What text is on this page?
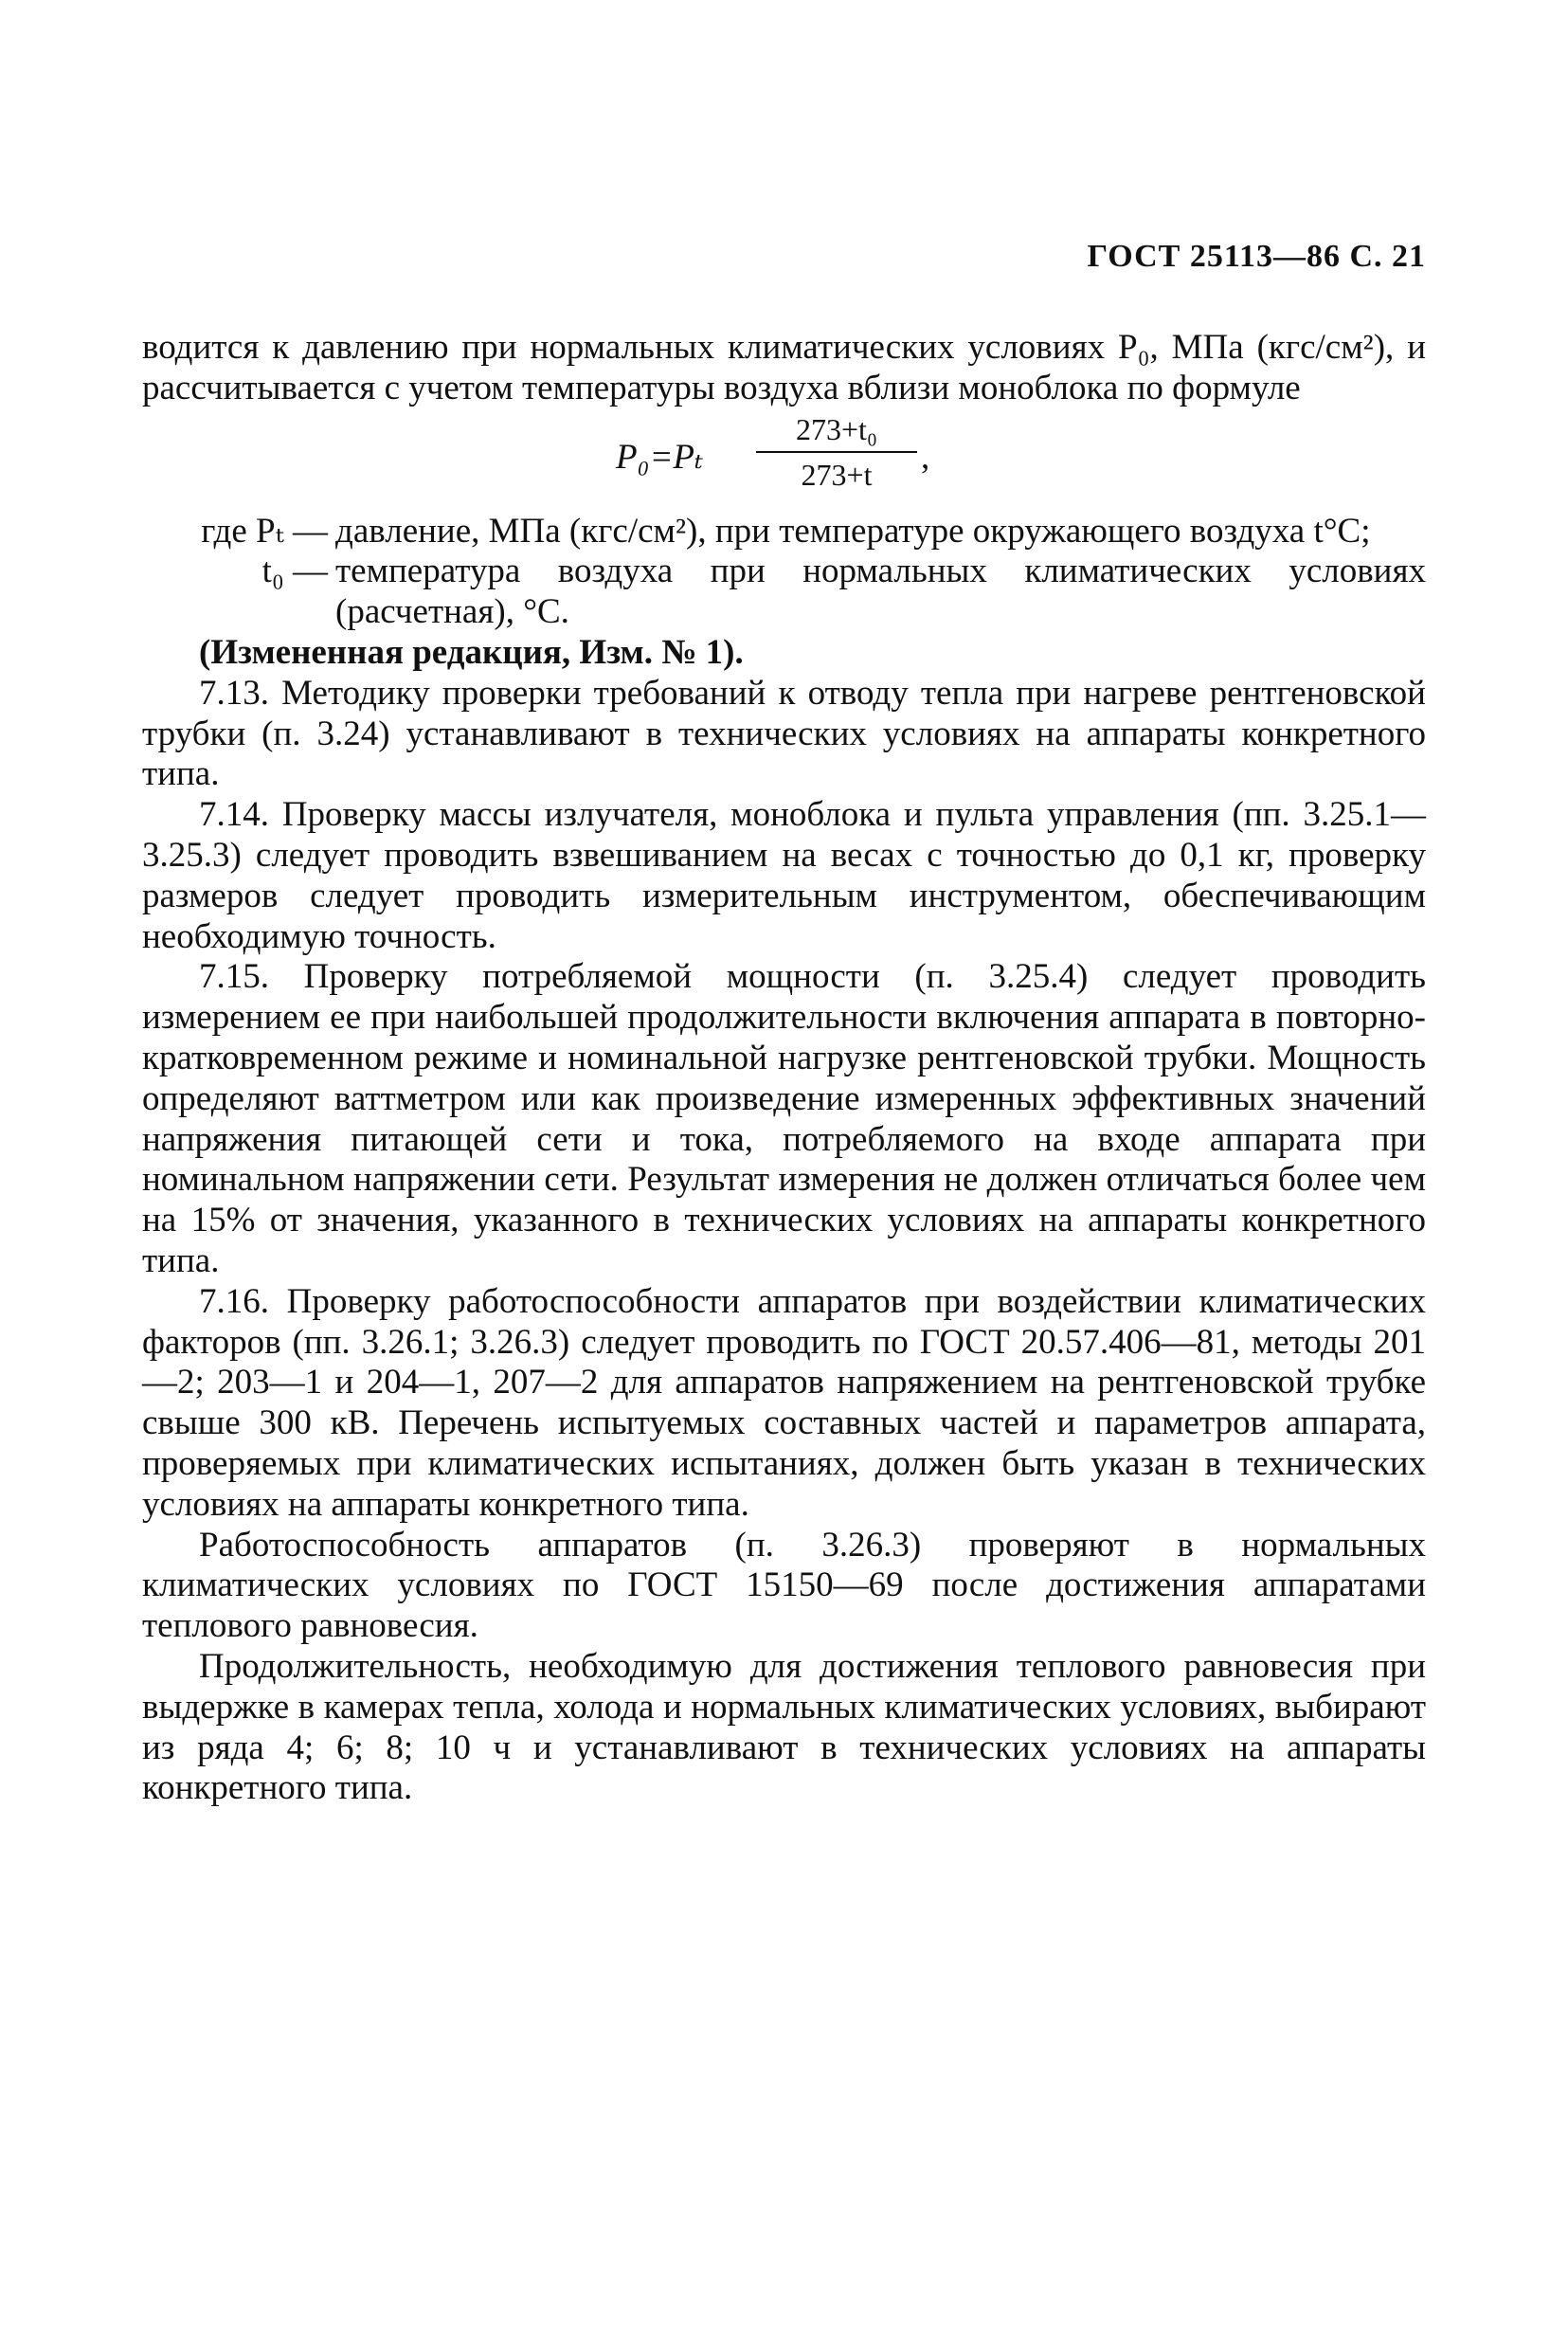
ГОСТ 25113—86 С. 21

водится к давлению при нормальных климатических условиях P₀, МПа (кгс/см²), и рассчитывается с учетом температуры воздуха вблизи моноблока по формуле

$P_0=P_t \frac{\text{273+t₀}}{273+t}$ ,
где Pₜ — давление, МПа (кгс/см²), при температуре окружающего воздуха t°С;
t₀ — температура воздуха при нормальных климатических условиях (расчетная), °С.

(Измененная редакция, Изм. № 1).

7.13. Методику проверки требований к отводу тепла при нагреве рентгеновской трубки (п. 3.24) устанавливают в технических условиях на аппараты конкретного типа.

7.14. Проверку массы излучателя, моноблока и пульта управления (пп. 3.25.1—3.25.3) следует проводить взвешиванием на весах с точностью до 0,1 кг, проверку размеров следует проводить измерительным инструментом, обеспечивающим необходимую точность.

7.15. Проверку потребляемой мощности (п. 3.25.4) следует проводить измерением ее при наибольшей продолжительности включения аппарата в повторно-кратковременном режиме и номинальной нагрузке рентгеновской трубки. Мощность определяют ваттметром или как произведение измеренных эффективных значений напряжения питающей сети и тока, потребляемого на входе аппарата при номинальном напряжении сети. Результат измерения не должен отличаться более чем на 15% от значения, указанного в технических условиях на аппараты конкретного типа.

7.16. Проверку работоспособности аппаратов при воздействии климатических факторов (пп. 3.26.1; 3.26.3) следует проводить по ГОСТ 20.57.406—81, методы 201—2; 203—1 и 204—1, 207—2 для аппаратов напряжением на рентгеновской трубке свыше 300 кВ. Перечень испытуемых составных частей и параметров аппарата, проверяемых при климатических испытаниях, должен быть указан в технических условиях на аппараты конкретного типа.

Работоспособность аппаратов (п. 3.26.3) проверяют в нормальных климатических условиях по ГОСТ 15150—69 после достижения аппаратами теплового равновесия.

Продолжительность, необходимую для достижения теплового равновесия при выдержке в камерах тепла, холода и нормальных климатических условиях, выбирают из ряда 4; 6; 8; 10 ч и устанавливают в технических условиях на аппараты конкретного типа.
